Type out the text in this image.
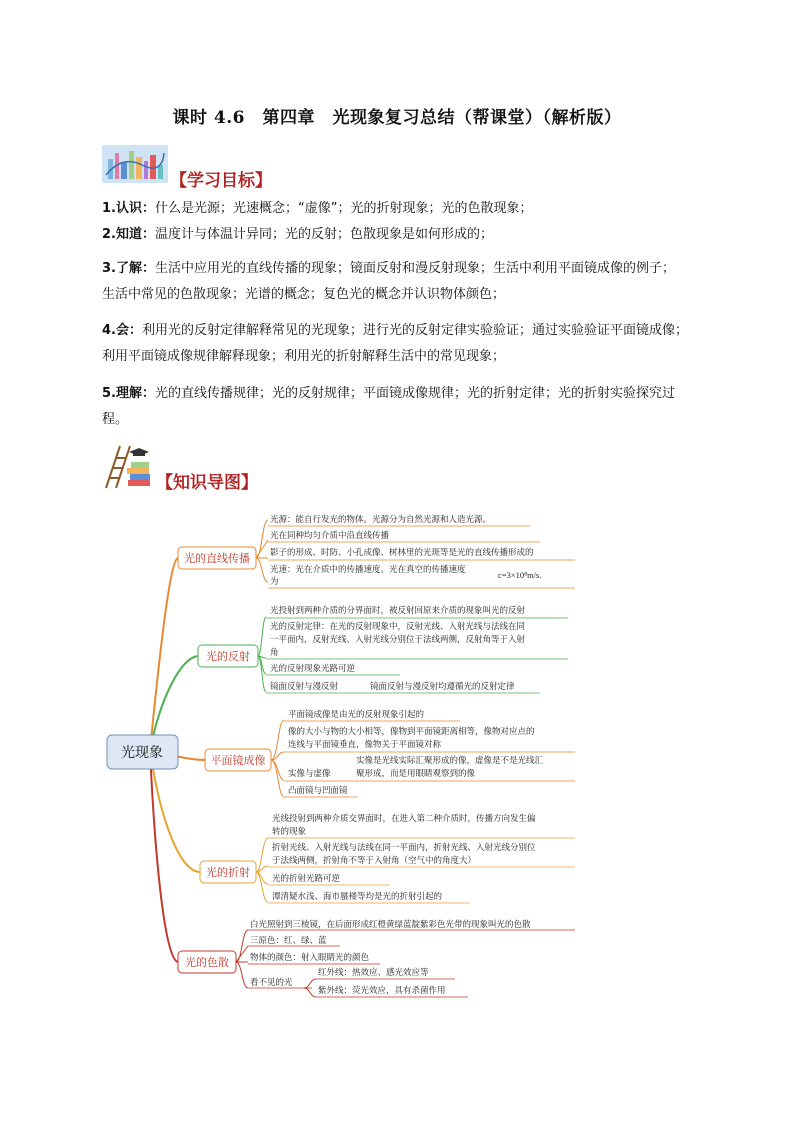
课时 4.6　第四章　光现象复习总结（帮课堂）（解析版）
【学习目标】
1.认识：什么是光源；光速概念；“虚像”；光的折射现象；光的色散现象；
2.知道：温度计与体温计异同；光的反射；色散现象是如何形成的；
3.了解：生活中应用光的直线传播的现象；镜面反射和漫反射现象；生活中利用平面镜成像的例子；
生活中常见的色散现象；光谱的概念；复色光的概念并认识物体颜色；
4.会：利用光的反射定律解释常见的光现象；进行光的反射定律实验验证；通过实验验证平面镜成像；
利用平面镜成像规律解释现象；利用光的折射解释生活中的常见现象；
5.理解：光的直线传播规律；光的反射规律；平面镜成像规律；光的折射定律；光的折射实验探究过
程。
【知识导图】
光现象
光的直线传播
光源：能自行发光的物体。光源分为自然光源和人造光源。
光在同种均匀介质中沿直线传播
影子的形成、时防、小孔成像、树林里的光斑等是光的直线传播形成的
光速：光在介质中的传播速度。光在真空的传播速度
为
c=3×10⁸m/s.
光的反射
光投射到两种介质的分界面时，被反射回原来介质的现象叫光的反射
光的反射定律：在光的反射现象中，反射光线、入射光线与法线在同
一平面内，反射光线、入射光线分别位于法线两侧，反射角等于入射
角
光的反射现象光路可逆
镜面反射与漫反射	镜面反射与漫反射均遵循光的反射定律
平面镜成像
平面镜成像是由光的反射现象引起的
像的大小与物的大小相等，像物到平面镜距离相等，像物对应点的
连线与平面镜垂直，像物关于平面镜对称
实像与虚像
实像是光线实际汇聚形成的像，虚像是不是光线汇
聚形成，而是用眼睛观察到的像
凸面镜与凹面镜
光的折射
光线投射到两种介质交界面时，在进入第二种介质时，传播方向发生偏
转的现象
折射光线、入射光线与法线在同一平面内，折射光线、入射光线分别位
于法线两侧，折射角不等于入射角（空气中的角度大）
光的折射光路可逆
潭清疑水浅、海市蜃楼等均是光的折射引起的
光的色散
白光照射到三棱镜，在后面形成红橙黄绿蓝靛紫彩色光带的现象叫光的色散
三原色：红、绿、蓝
物体的颜色：射入眼睛光的颜色
看不见的光
红外线：热效应、感光效应等
紫外线：荧光效应，具有杀菌作用
